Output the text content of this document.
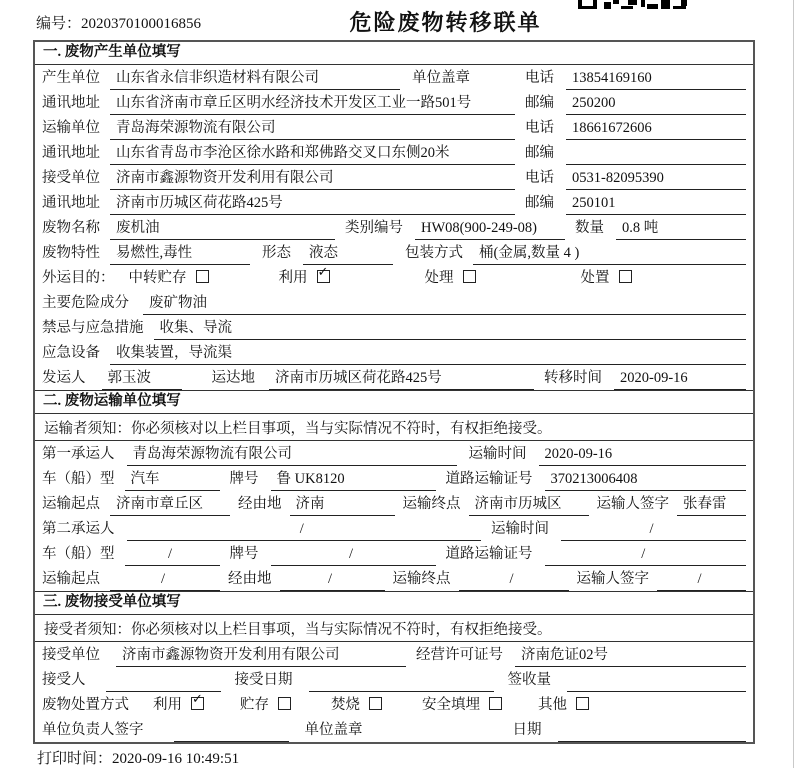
编号：2020370100016856	危险废物转移联单
一. 废物产生单位填写
产生单位	山东省永信非织造材料有限公司	单位盖章	电话	13854169160
通讯地址	山东省济南市章丘区明水经济技术开发区工业一路501号	邮编	250200
运输单位	青岛海荣源物流有限公司	电话	18661672606
通讯地址	山东省青岛市李沧区徐水路和郑佛路交叉口东侧20米	邮编
接受单位	济南市鑫源物资开发利用有限公司	电话	0531-82095390
通讯地址	济南市历城区荷花路425号	邮编	250101
废物名称	废机油	类别编号	HW08(900-249-08)	数量	0.8 吨
废物特性	易燃性,毒性	形态	液态	包装方式	桶(金属,数量 4 )
外运目的： 中转贮存	利用 ✓	处理	处置
主要危险成分	废矿物油
禁忌与应急措施	收集、导流
应急设备	收集装置，导流渠
发运人	郭玉波	运达地	济南市历城区荷花路425号	转移时间	2020-09-16
二. 废物运输单位填写
运输者须知：你必须核对以上栏目事项，当与实际情况不符时，有权拒绝接受。
第一承运人	青岛海荣源物流有限公司	运输时间	2020-09-16
车（船）型	汽车	牌号	鲁 UK8120	道路运输证号	370213006408
运输起点	济南市章丘区	经由地 济南	运输终点 济南市历城区	运输人签字 张春雷
第二承运人	/	运输时间	/
车（船）型	/	牌号	/	道路运输证号	/
运输起点	/	经由地	/	运输终点	/	运输人签字	/
三. 废物接受单位填写
接受者须知：你必须核对以上栏目事项，当与实际情况不符时，有权拒绝接受。
接受单位	济南市鑫源物资开发利用有限公司	经营许可证号	济南危证02号
接受人	接受日期	签收量
废物处置方式 利用 ✓	贮存	焚烧	安全填埋	其他
单位负责人签字	单位盖章	日期
打印时间：2020-09-16 10:49:51
